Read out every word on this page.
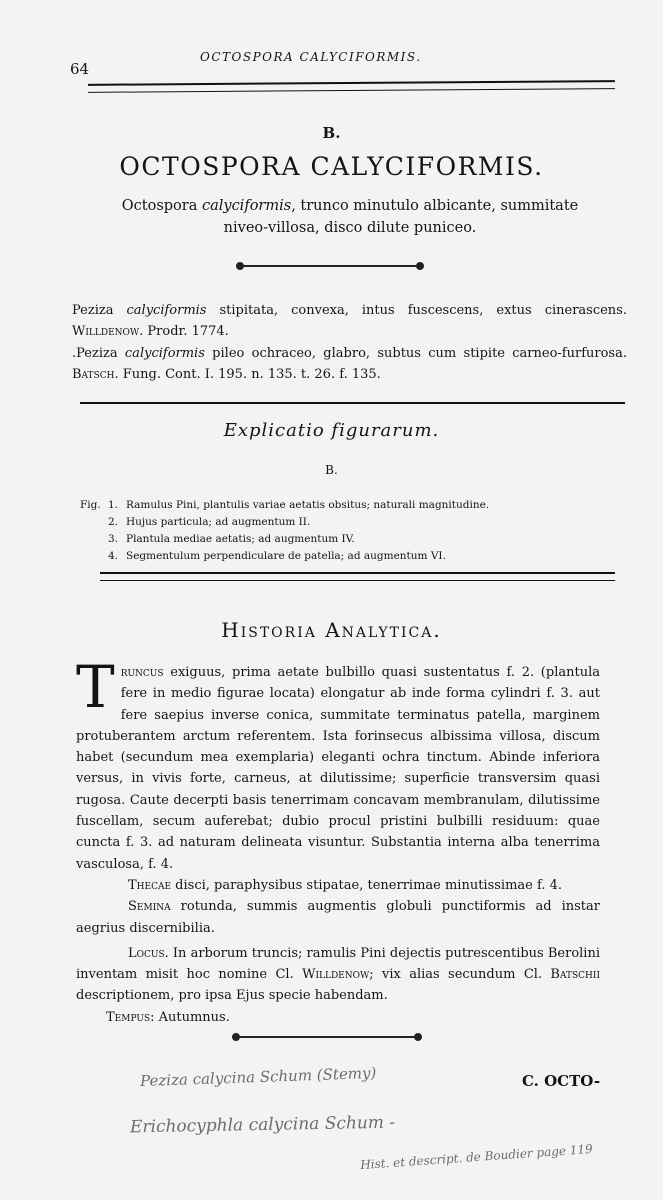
64
OCTOSPORA CALYCIFORMIS.
B.
OCTOSPORA CALYCIFORMIS.
Octospora calyciformis, trunco minutulo albicante, summitate
niveo-villosa, disco dilute puniceo.
Peziza calyciformis stipitata, convexa, intus fuscescens, extus cinerascens. Willdenow. Prodr. 1774.
.Peziza calyciformis pileo ochraceo, glabro, subtus cum stipite carneo-furfurosa. Batsch. Fung. Cont. I. 195. n. 135. t. 26. f. 135.
Explicatio figurarum.
B.
Fig. 1. Ramulus Pini, plantulis variae aetatis obsitus; naturali magnitudine.
2. Hujus particula; ad augmentum II.
3. Plantula mediae aetatis; ad augmentum IV.
4. Segmentulum perpendiculare de patella; ad augmentum VI.
Historia Analytica.

Truncus exiguus, prima aetate bulbillo quasi sustentatus f. 2. (plantula fere in medio figurae locata) elongatur ab inde forma cylindri f. 3. aut fere saepius inverse conica, summitate terminatus patella, marginem protuberantem arctum referentem. Ista forinsecus albissima villosa, discum habet (secundum mea exemplaria) eleganti ochra tinctum. Abinde inferiora versus, in vivis forte, carneus, at dilutissime; superficie transversim quasi rugosa. Caute decerpti basis tenerrimam concavam membranulam, dilutissime fuscellam, secum auferebat; dubio procul pristini bulbilli residuum: quae cuncta f. 3. ad naturam delineata visuntur. Substantia interna alba tenerrima vasculosa, f. 4.

Thecae disci, paraphysibus stipatae, tenerrimae minutissimae f. 4.

Semina rotunda, summis augmentis globuli punctiformis ad instar aegrius discernibilia.

Locus. In arborum truncis; ramulis Pini dejectis putrescentibus Berolini inventam misit hoc nomine Cl. Willdenow; vix alias secundum Cl. Batschii descriptionem, pro ipsa Ejus specie habendam.

Tempus: Autumnus.

C. OCTO-
Peziza calycina Schum (Stemy)
Erichocyphla calycina Schum -
Hist. et descript. de Boudier page 119
